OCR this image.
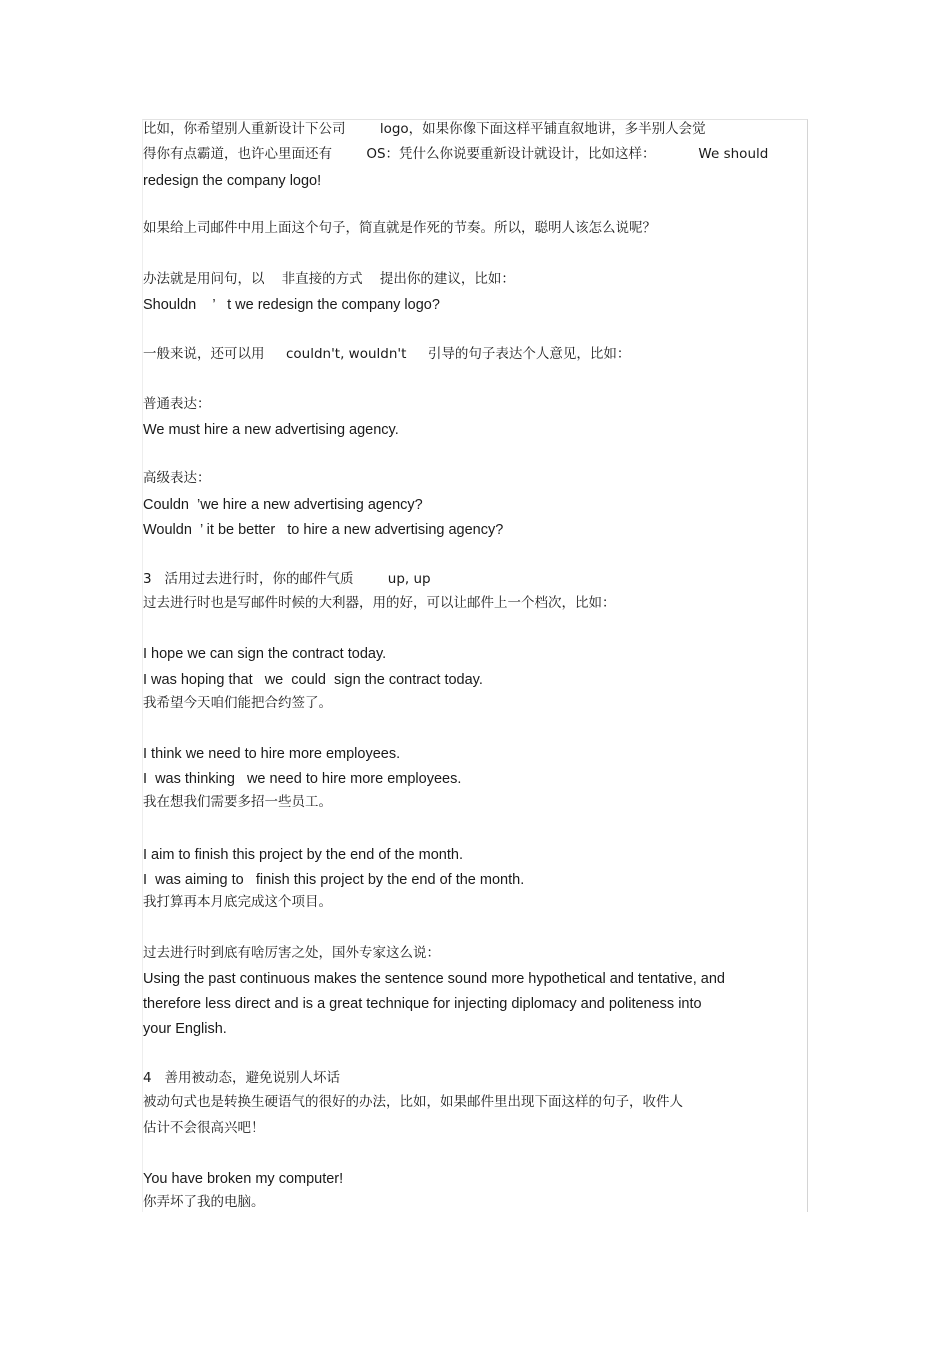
比如，你希望别人重新设计下公司        logo，如果你像下面这样平铺直叙地讲，多半别人会觉
得你有点霸道，也许心里面还有        OS：凭什么你说要重新设计就设计，比如这样：          We should
redesign the company logo!
如果给上司邮件中用上面这个句子，简直就是作死的节奏。所以，聪明人该怎么说呢？
办法就是用问句，以    非直接的方式    提出你的建议，比如：
Shouldn    ’   t we redesign the company logo?
一般来说，还可以用     couldn't, wouldn't     引导的句子表达个人意见，比如：
普通表达：
We must hire a new advertising agency.
高级表达：
Couldn  ’we hire a new advertising agency?
Wouldn  ’ it be better   to hire a new advertising agency?
3   活用过去进行时，你的邮件气质        up, up
过去进行时也是写邮件时候的大利器，用的好，可以让邮件上一个档次，比如：
I hope we can sign the contract today.
I was hoping that   we  could  sign the contract today.
我希望今天咱们能把合约签了。
I think we need to hire more employees.
I  was thinking   we need to hire more employees.
我在想我们需要多招一些员工。
I aim to finish this project by the end of the month.
I  was aiming to   finish this project by the end of the month.
我打算再本月底完成这个项目。
过去进行时到底有啥厉害之处，国外专家这么说：
Using the past continuous makes the sentence sound more hypothetical and tentative, and
therefore less direct and is a great technique for injecting diplomacy and politeness into
your English.
4   善用被动态，避免说别人坏话
被动句式也是转换生硬语气的很好的办法，比如，如果邮件里出现下面这样的句子，收件人
估计不会很高兴吧！
You have broken my computer!
你弄坏了我的电脑。
